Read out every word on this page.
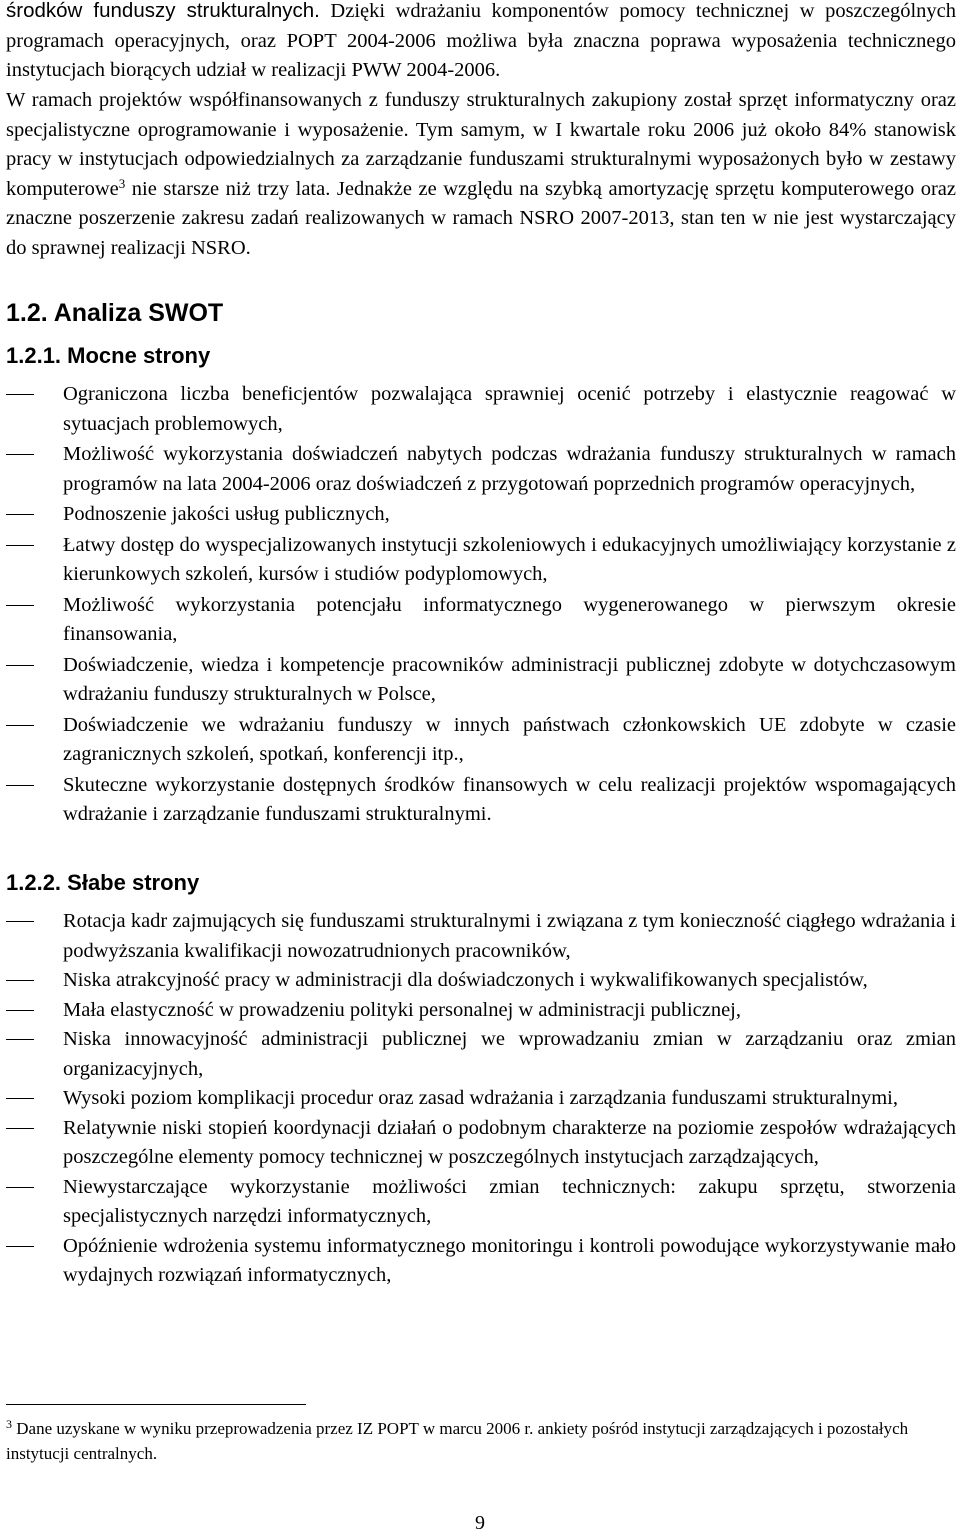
środków funduszy strukturalnych. Dzięki wdrażaniu komponentów pomocy technicznej w poszczególnych programach operacyjnych, oraz POPT 2004-2006 możliwa była znaczna poprawa wyposażenia technicznego instytucjach biorących udział w realizacji PWW 2004-2006.

W ramach projektów współfinansowanych z funduszy strukturalnych zakupiony został sprzęt informatyczny oraz specjalistyczne oprogramowanie i wyposażenie. Tym samym, w I kwartale roku 2006 już około 84% stanowisk pracy w instytucjach odpowiedzialnych za zarządzanie funduszami strukturalnymi wyposażonych było w zestawy komputerowe$^3$ nie starsze niż trzy lata. Jednakże ze względu na szybką amortyzację sprzętu komputerowego oraz znaczne poszerzenie zakresu zadań realizowanych w ramach NSRO 2007-2013, stan ten w nie jest wystarczający do sprawnej realizacji NSRO.

1.2. Analiza SWOT
1.2.1. Mocne strony
Ograniczona liczba beneficjentów pozwalająca sprawniej ocenić potrzeby i elastycznie reagować w sytuacjach problemowych,
Możliwość wykorzystania doświadczeń nabytych podczas wdrażania funduszy strukturalnych w ramach programów na lata 2004-2006 oraz doświadczeń z przygotowań poprzednich programów operacyjnych,
Podnoszenie jakości usług publicznych,
Łatwy dostęp do wyspecjalizowanych instytucji szkoleniowych i edukacyjnych umożliwiający korzystanie z kierunkowych szkoleń, kursów i studiów podyplomowych,
Możliwość wykorzystania potencjału informatycznego wygenerowanego w pierwszym okresie finansowania,
Doświadczenie, wiedza i kompetencje pracowników administracji publicznej zdobyte w dotychczasowym wdrażaniu funduszy strukturalnych w Polsce,
Doświadczenie we wdrażaniu funduszy w innych państwach członkowskich UE zdobyte w czasie zagranicznych szkoleń, spotkań, konferencji itp.,
Skuteczne wykorzystanie dostępnych środków finansowych w celu realizacji projektów wspomagających wdrażanie i zarządzanie funduszami strukturalnymi.
1.2.2. Słabe strony
Rotacja kadr zajmujących się funduszami strukturalnymi i związana z tym konieczność ciągłego wdrażania i podwyższania kwalifikacji nowozatrudnionych pracowników,
Niska atrakcyjność pracy w administracji dla doświadczonych i wykwalifikowanych specjalistów,
Mała elastyczność w prowadzeniu polityki personalnej w administracji publicznej,
Niska innowacyjność administracji publicznej we wprowadzaniu zmian w zarządzaniu oraz zmian organizacyjnych,
Wysoki poziom komplikacji procedur oraz zasad wdrażania i zarządzania funduszami strukturalnymi,
Relatywnie niski stopień koordynacji działań o podobnym charakterze na poziomie zespołów wdrażających poszczególne elementy pomocy technicznej w poszczególnych instytucjach zarządzających,
Niewystarczające wykorzystanie możliwości zmian technicznych: zakupu sprzętu, stworzenia specjalistycznych narzędzi informatycznych,
Opóźnienie wdrożenia systemu informatycznego monitoringu i kontroli powodujące wykorzystywanie mało wydajnych rozwiązań informatycznych,

$^3$ Dane uzyskane w wyniku przeprowadzenia przez IZ POPT w marcu 2006 r. ankiety pośród instytucji zarządzających i pozostałych instytucji centralnych.

9
